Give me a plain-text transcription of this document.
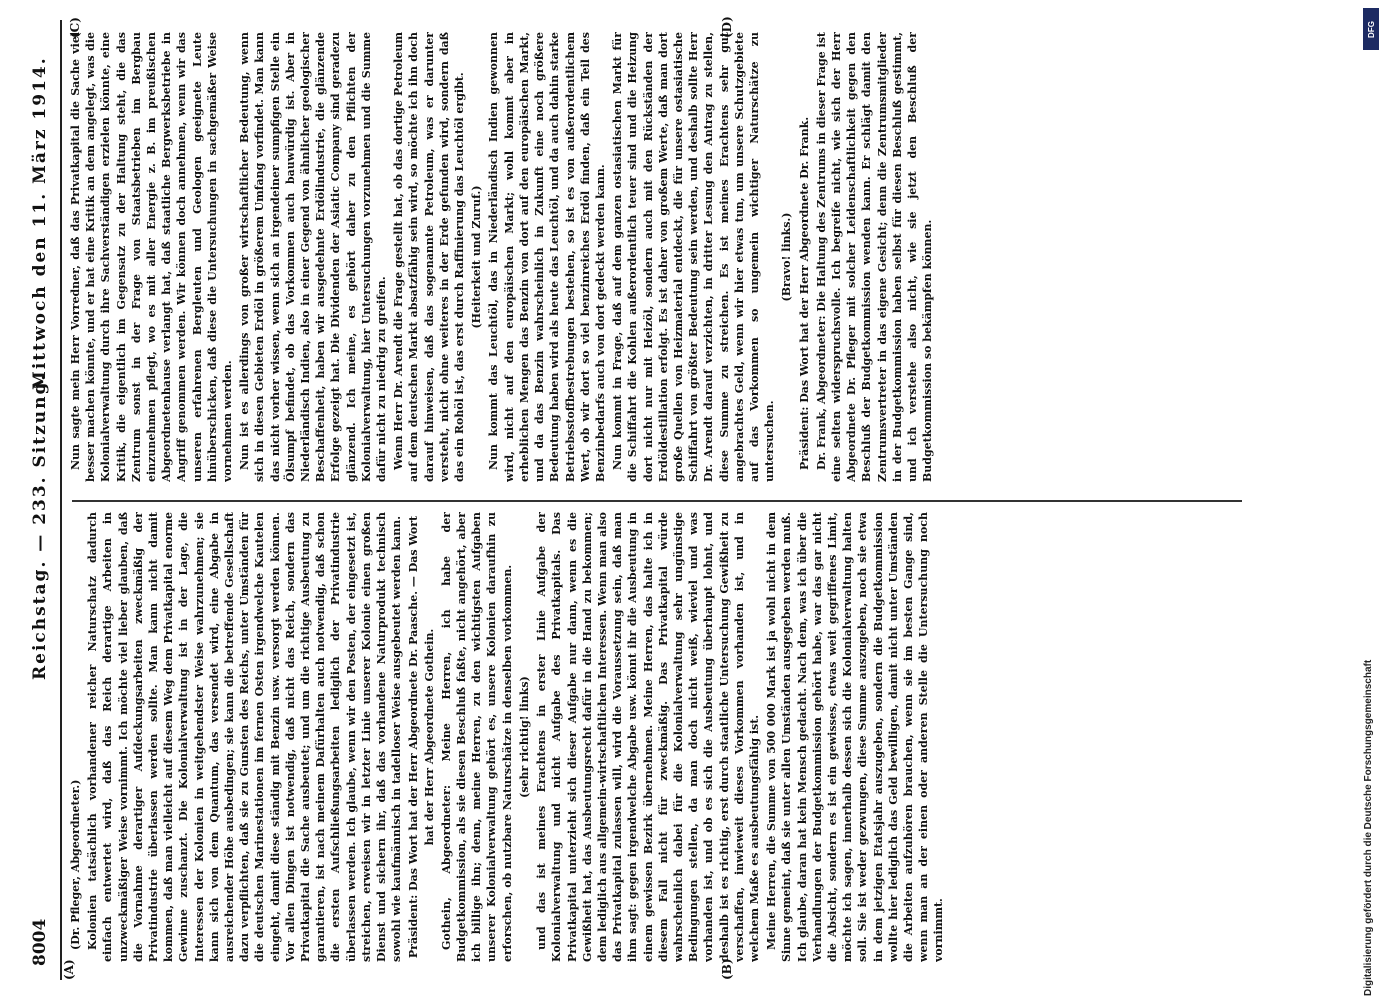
8004
Reichstag. — 233. Sitzung.
Mittwoch den 11. März 1914.
(A)	(B)
(C)	(D)

(Dr. Pfleger, Abgeordneter.) Kolonien tatsächlich vorhandener reicher Naturschatz dadurch einfach entwertet wird, daß das Reich derartige Arbeiten in unzweckmäßiger Weise vornimmt. Ich möchte viel lieber glauben, daß die Vornahme derartiger Aufdeckungsarbeiten zweckmäßig der Privatindustrie überlassen werden sollte. Man kann nicht damit kommen, daß man vielleicht auf diesem Weg dem Privatkapital enorme Gewinne zuschanzt. Die Kolonialverwaltung ist in der Lage, die Interessen der Kolonien in weitgehendster Weise wahrzunehmen; sie kann sich von dem Quantum, das versendet wird, eine Abgabe in ausreichender Höhe ausbedingen; sie kann die betreffende Gesellschaft dazu verpflichten, daß sie zu Gunsten des Reichs, unter Umständen für die deutschen Marinestationen im fernen Osten irgendwelche Kautelen eingeht, damit diese ständig mit Benzin usw. versorgt werden können. Vor allen Dingen ist notwendig, daß nicht das Reich, sondern das Privatkapital die Sache ausbeutet; und um die richtige Ausbeutung zu garantieren, ist nach meinem Dafürhalten auch notwendig, daß schon die ersten Aufschließungsarbeiten lediglich der Privatindustrie überlassen werden. Ich glaube, wenn wir den Posten, der eingesetzt ist, streichen, erweisen wir in letzter Linie unserer Kolonie einen großen Dienst und sichern ihr, daß das vorhandene Naturprodukt technisch sowohl wie kaufmännisch in tadelloser Weise ausgebeutet werden kann. Präsident: Das Wort hat der Herr Abgeordnete Dr. Paasche. — Das Wort hat der Herr Abgeordnete Gothein. Gothein, Abgeordneter: Meine Herren, ich habe der Budgetkommission, als sie diesen Beschluß faßte, nicht angehört, aber ich billige ihn; denn, meine Herren, zu den wichtigsten Aufgaben unserer Kolonialverwaltung gehört es, unsere Kolonien daraufhin zu erforschen, ob nutzbare Naturschätze in denselben vorkommen. (sehr richtig! links) und das ist meines Erachtens in erster Linie Aufgabe der Kolonialverwaltung und nicht Aufgabe des Privatkapitals. Das Privatkapital unterzieht sich dieser Aufgabe nur dann, wenn es die Gewißheit hat, das Ausbeutungsrecht dafür in die Hand zu bekommen; dem lediglich aus allgemein-wirtschaftlichen Interessen. Wenn man also das Privatkapital zulassen will, wird die Voraussetzung sein, daß man ihm sagt: gegen irgendwelche Abgabe usw. könnt ihr die Ausbeutung in einem gewissen Bezirk übernehmen. Meine Herren, das halte ich in diesem Fall nicht für zweckmäßig. Das Privatkapital würde wahrscheinlich dabei für die Kolonialverwaltung sehr ungünstige Bedingungen stellen, da man doch nicht weiß, wieviel und was vorhanden ist, und ob es sich die Ausbeutung überhaupt lohnt, und deshalb ist es richtig, erst durch staatliche Untersuchung Gewißheit zu verschaffen, inwieweit dieses Vorkommen vorhanden ist, und in welchem Maße es ausbeutungsfähig ist. Meine Herren, die Summe von 500 000 Mark ist ja wohl nicht in dem Sinne gemeint, daß sie unter allen Umständen ausgegeben werden muß. Ich glaube, daran hat kein Mensch gedacht. Nach dem, was ich über die Verhandlungen der Budgetkommission gehört habe, war das gar nicht die Absicht, sondern es ist ein gewisses, etwas weit gegriffenes Limit, möchte ich sagen, innerhalb dessen sich die Kolonialverwaltung halten soll. Sie ist weder gezwungen, diese Summe auszugeben, noch sie etwa in dem jetzigen Etatsjahr auszugeben, sondern die Budgetkommission wollte hier lediglich das Geld bewilligen, damit nicht unter Umständen die Arbeiten aufzuhören brauchen, wenn sie im besten Gange sind, wenn man an der einen oder anderen Stelle die Untersuchung noch vornimmt.

Nun sagte mein Herr Vorredner, daß das Privatkapital die Sache viel besser machen könnte, und er hat eine Kritik an dem angelegt, was die Kolonialverwaltung durch ihre Sachverständigen erzielen könnte, eine Kritik, die eigentlich im Gegensatz zu der Haltung steht, die das Zentrum sonst in der Frage von Staatsbetrieben im Bergbau einzunehmen pflegt, wo es mit aller Energie z. B. im preußischen Abgeordnetenhause verlangt hat, daß staatliche Bergwerksbetriebe in Angriff genommen werden. Wir können doch annehmen, wenn wir das unseren erfahrenen Bergleuten und Geologen geeignete Leute hinüberschicken, daß diese die Untersuchungen in sachgemäßer Weise vornehmen werden. Nun ist es allerdings von großer wirtschaftlicher Bedeutung, wenn sich in diesen Gebieten Erdöl in größerem Umfang vorfindet. Man kann das nicht vorher wissen, wenn sich an irgendeiner sumpfigen Stelle ein Ölsumpf befindet, ob das Vorkommen auch bauwürdig ist. Aber in Niederländisch Indien, also in einer Gegend von ähnlicher geologischer Beschaffenheit, haben wir ausgedehnte Erdölindustrie, die glänzende Erfolge gezeigt hat. Die Dividenden der Asiatic Company sind geradezu glänzend. Ich meine, es gehört daher zu den Pflichten der Kolonialverwaltung, hier Untersuchungen vorzunehmen und die Summe dafür nicht zu niedrig zu greifen. Wenn Herr Dr. Arendt die Frage gestellt hat, ob das dortige Petroleum auf dem deutschen Markt absatzfähig sein wird, so möchte ich ihn doch darauf hinweisen, daß das sogenannte Petroleum, was er darunter versteht, nicht ohne weiteres in der Erde gefunden wird, sondern daß das ein Rohöl ist, das erst durch Raffinierung das Leuchtöl ergibt. (Heiterkeit und Zuruf.) Nun kommt das Leuchtöl, das in Niederländisch Indien gewonnen wird, nicht auf den europäischen Markt; wohl kommt aber in erheblichen Mengen das Benzin von dort auf den europäischen Markt, und da das Benzin wahrscheinlich in Zukunft eine noch größere Bedeutung haben wird als heute das Leuchtöl, und da auch dahin starke Betriebsstoffbestrebungen bestehen, so ist es von außerordentlichem Wert, ob wir dort so viel benzinreiches Erdöl finden, daß ein Teil des Benzinbedarfs auch von dort gedeckt werden kann. Nun kommt in Frage, daß auf dem ganzen ostasiatischen Markt für die Schiffahrt die Kohlen außerordentlich teuer sind und die Heizung dort nicht nur mit Heizöl, sondern auch mit den Rückständen der Erdöldestillation erfolgt. Es ist daher von großem Werte, daß man dort große Quellen von Heizmaterial entdeckt, die für unsere ostasiatische Schiffahrt von größter Bedeutung sein werden, und deshalb sollte Herr Dr. Arendt darauf verzichten, in dritter Lesung den Antrag zu stellen, diese Summe zu streichen. Es ist meines Erachtens sehr gut angebrachtes Geld, wenn wir hier etwas tun, um unsere Schutzgebiete auf das Vorkommen so ungemein wichtiger Naturschätze zu untersuchen.

(Bravo! links.) Präsident: Das Wort hat der Herr Abgeordnete Dr. Frank. Dr. Frank, Abgeordneter: Die Haltung des Zentrums in dieser Frage ist eine selten widerspruchsvolle. Ich begreife nicht, wie sich der Herr Abgeordnete Dr. Pfleger mit solcher Leidenschaftlichkeit gegen den Beschluß der Budgetkommission wenden kann. Er schlägt damit den Zentrumsvertreter in das eigene Gesicht; denn die Zentrumsmitglieder in der Budgetkommission haben selbst für diesen Beschluß gestimmt, und ich verstehe also nicht, wie sie jetzt den Beschluß der Budgetkommission so bekämpfen können.

DFG
Digitalisierung gefördert durch die Deutsche Forschungsgemeinschaft
